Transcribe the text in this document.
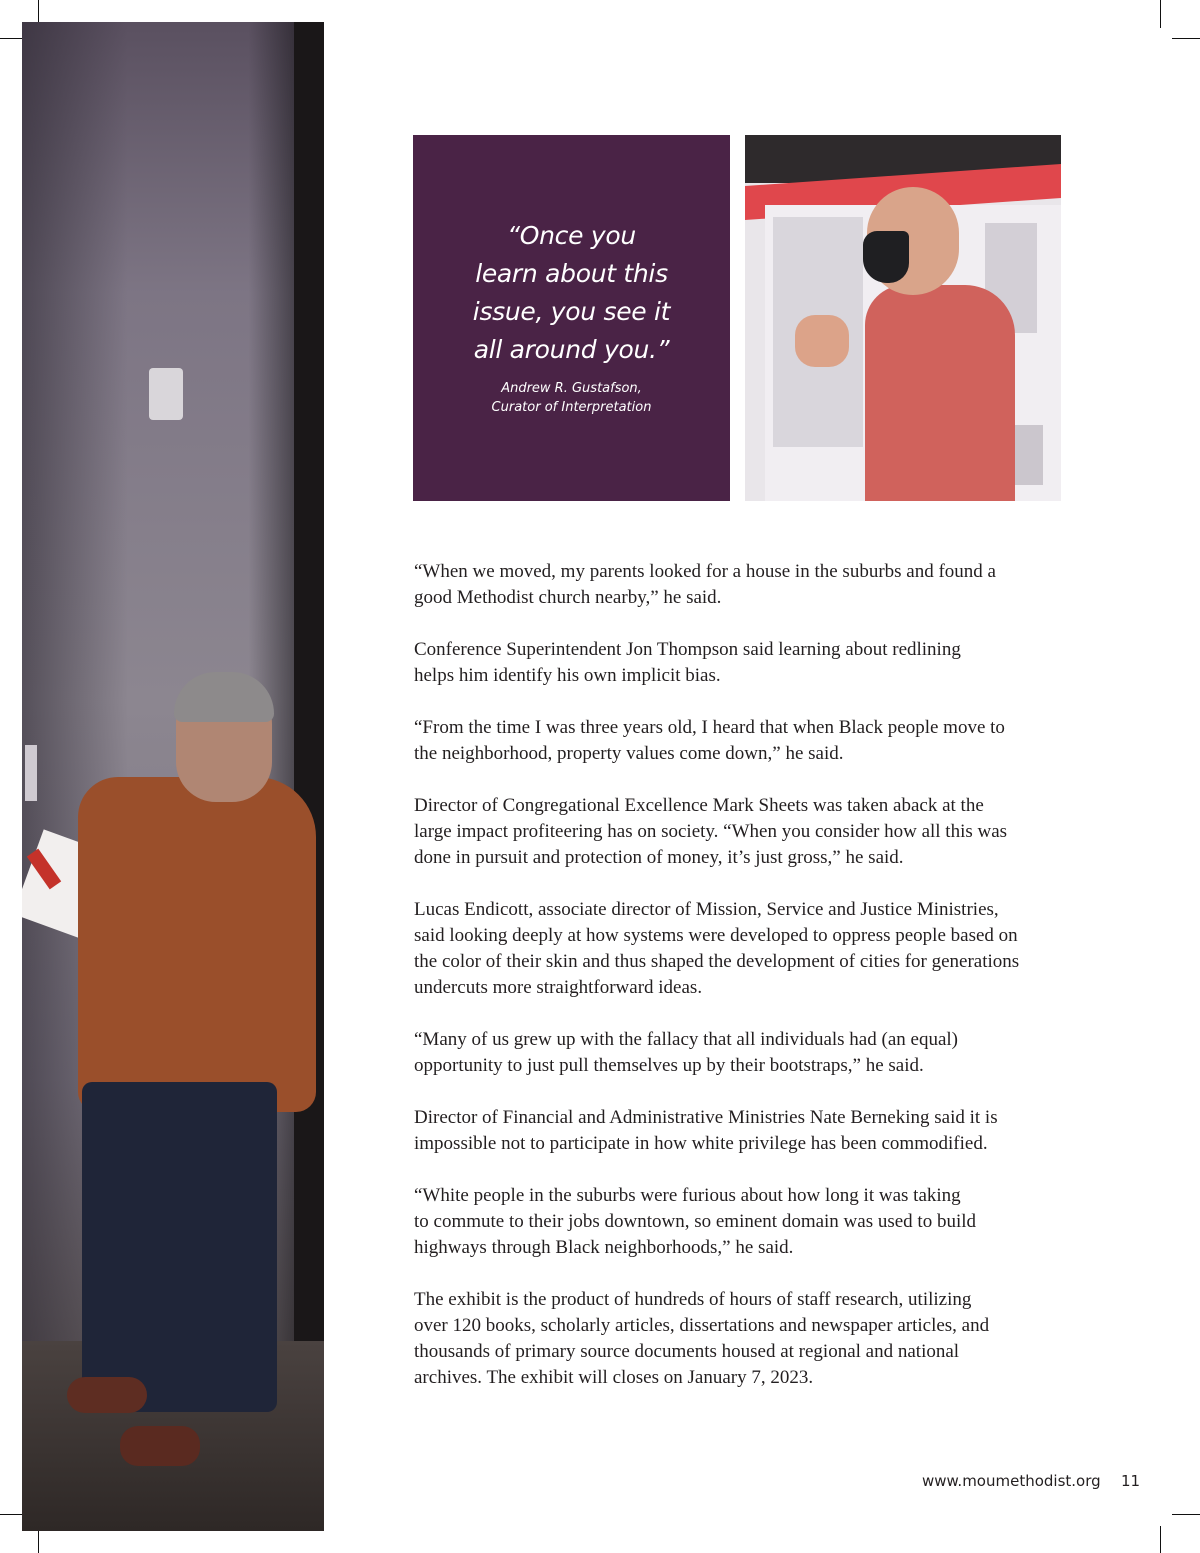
“Once you
learn about this
issue, you see it
all around you.”
Andrew R. Gustafson,
Curator of Interpretation

“When we moved, my parents looked for a house in the suburbs and found a
good Methodist church nearby,” he said.

Conference Superintendent Jon Thompson said learning about redlining
helps him identify his own implicit bias.

“From the time I was three years old, I heard that when Black people move to
the neighborhood, property values come down,” he said.

Director of Congregational Excellence Mark Sheets was taken aback at the
large impact profiteering has on society. “When you consider how all this was
done in pursuit and protection of money, it’s just gross,” he said.

Lucas Endicott, associate director of Mission, Service and Justice Ministries,
said looking deeply at how systems were developed to oppress people based on
the color of their skin and thus shaped the development of cities for generations
undercuts more straightforward ideas.

“Many of us grew up with the fallacy that all individuals had (an equal)
opportunity to just pull themselves up by their bootstraps,” he said.

Director of Financial and Administrative Ministries Nate Berneking said it is
impossible not to participate in how white privilege has been commodified.

“White people in the suburbs were furious about how long it was taking
to commute to their jobs downtown, so eminent domain was used to build
highways through Black neighborhoods,” he said.

The exhibit is the product of hundreds of hours of staff research, utilizing
over 120 books, scholarly articles, dissertations and newspaper articles, and
thousands of primary source documents housed at regional and national
archives. The exhibit will closes on January 7, 2023.

www.moumethodist.org 11
